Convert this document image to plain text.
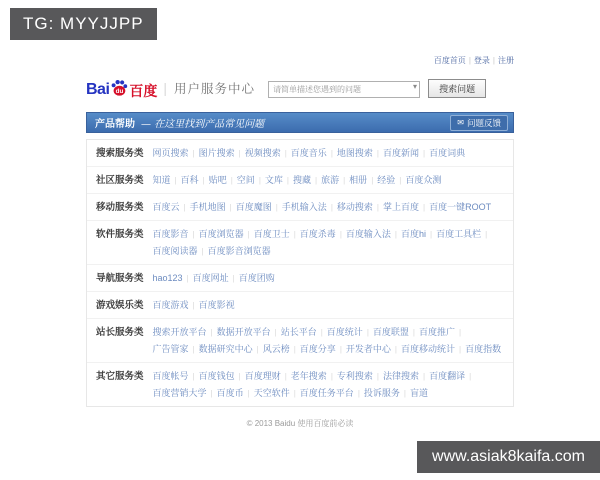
TG: MYYJJPP
百度首页 | 登录 | 注册
Bai du 百度 | 用户服务中心
请简单描述您遇到的问题	▾	搜索问题
产品帮助 — 在这里找到产品常见问题	✉ 问题反馈
搜索服务类 网页搜索 | 图片搜索 | 视频搜索 | 百度音乐 | 地图搜索 | 百度新闻 | 百度词典
社区服务类 知道 | 百科 | 贴吧 | 空间 | 文库 | 搜藏 | 旅游 | 相册 | 经验 | 百度众测
移动服务类 百度云 | 手机地图 | 百度魔图 | 手机输入法 | 移动搜索 | 掌上百度 | 百度一键ROOT
软件服务类 百度影音 | 百度浏览器 | 百度卫士 | 百度杀毒 | 百度输入法 | 百度hi | 百度工具栏 |百度阅读器 | 百度影音浏览器
导航服务类 hao123 | 百度网址 | 百度团购
游戏娱乐类 百度游戏 | 百度影视
站长服务类 搜索开放平台 | 数据开放平台 | 站长平台 | 百度统计 | 百度联盟 | 百度推广 |广告管家 | 数据研究中心 | 风云榜 | 百度分享 | 开发者中心 | 百度移动统计 | 百度指数
其它服务类 百度帐号 | 百度钱包 | 百度理财 | 老年搜索 | 专利搜索 | 法律搜索 | 百度翻译 |百度营销大学 | 百度币 | 天空软件 | 百度任务平台 | 投诉服务 | 盲道
© 2013 Baidu 使用百度前必读
www.asiak8kaifa.com
